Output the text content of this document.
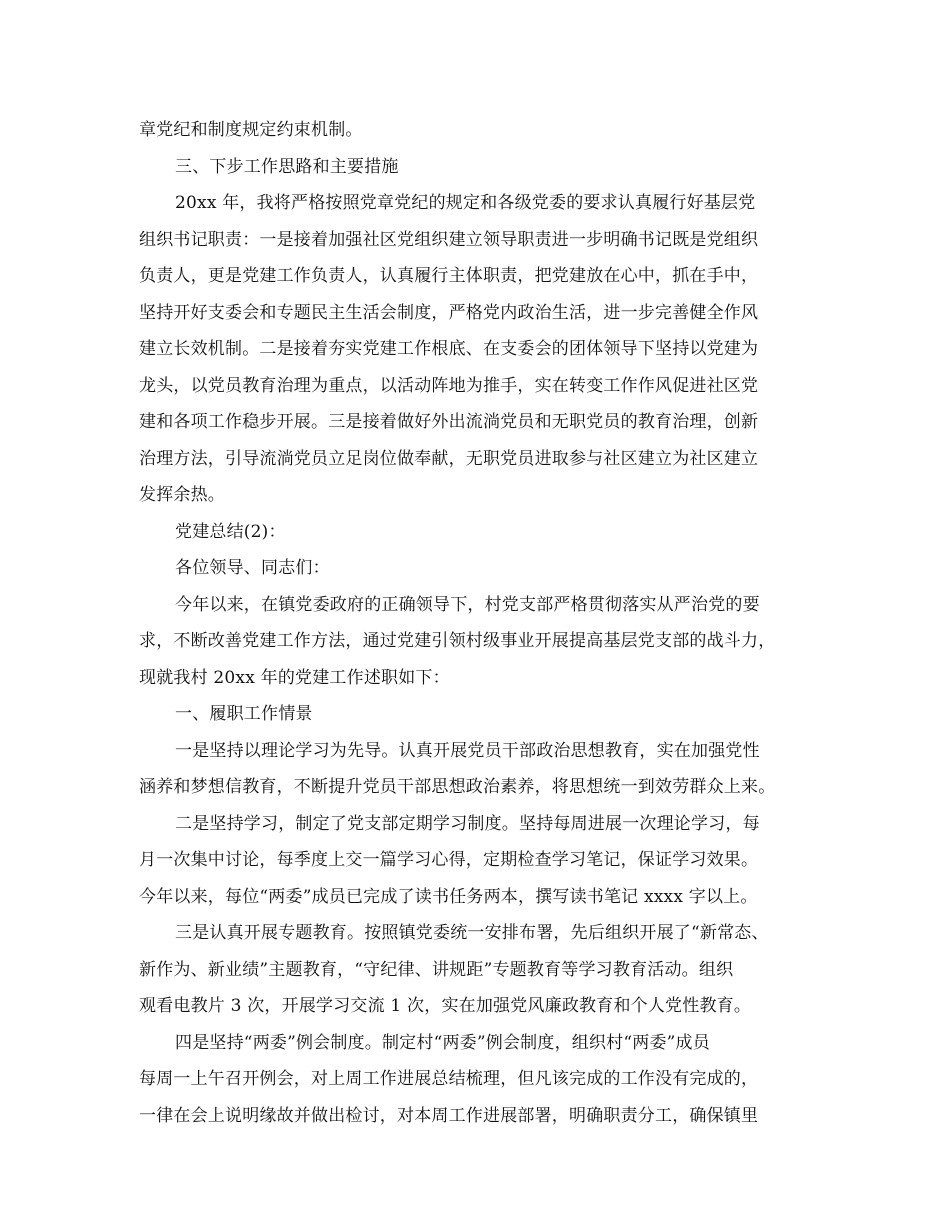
章党纪和制度规定约束机制。
三、下步工作思路和主要措施
20xx 年，我将严格按照党章党纪的规定和各级党委的要求认真履行好基层党
组织书记职责：一是接着加强社区党组织建立领导职责进一步明确书记既是党组织
负责人，更是党建工作负责人，认真履行主体职责，把党建放在心中，抓在手中，
坚持开好支委会和专题民主生活会制度，严格党内政治生活，进一步完善健全作风
建立长效机制。二是接着夯实党建工作根底、在支委会的团体领导下坚持以党建为
龙头，以党员教育治理为重点，以活动阵地为推手，实在转变工作作风促进社区党
建和各项工作稳步开展。三是接着做好外出流淌党员和无职党员的教育治理，创新
治理方法，引导流淌党员立足岗位做奉献，无职党员进取参与社区建立为社区建立
发挥余热。
党建总结(2)：
各位领导、同志们：
今年以来，在镇党委政府的正确领导下，村党支部严格贯彻落实从严治党的要
求，不断改善党建工作方法，通过党建引领村级事业开展提高基层党支部的战斗力，
现就我村 20xx 年的党建工作述职如下：
一、履职工作情景
一是坚持以理论学习为先导。认真开展党员干部政治思想教育，实在加强党性
涵养和梦想信教育，不断提升党员干部思想政治素养，将思想统一到效劳群众上来。
二是坚持学习，制定了党支部定期学习制度。坚持每周进展一次理论学习，每
月一次集中讨论，每季度上交一篇学习心得，定期检查学习笔记，保证学习效果。
今年以来，每位“两委”成员已完成了读书任务两本，撰写读书笔记 xxxx 字以上。
三是认真开展专题教育。按照镇党委统一安排布署，先后组织开展了“新常态、
新作为、新业绩”主题教育，“守纪律、讲规距”专题教育等学习教育活动。组织
观看电教片 3 次，开展学习交流 1 次，实在加强党风廉政教育和个人党性教育。
四是坚持“两委”例会制度。制定村“两委”例会制度，组织村“两委”成员
每周一上午召开例会，对上周工作进展总结梳理，但凡该完成的工作没有完成的，
一律在会上说明缘故并做出检讨，对本周工作进展部署，明确职责分工，确保镇里
